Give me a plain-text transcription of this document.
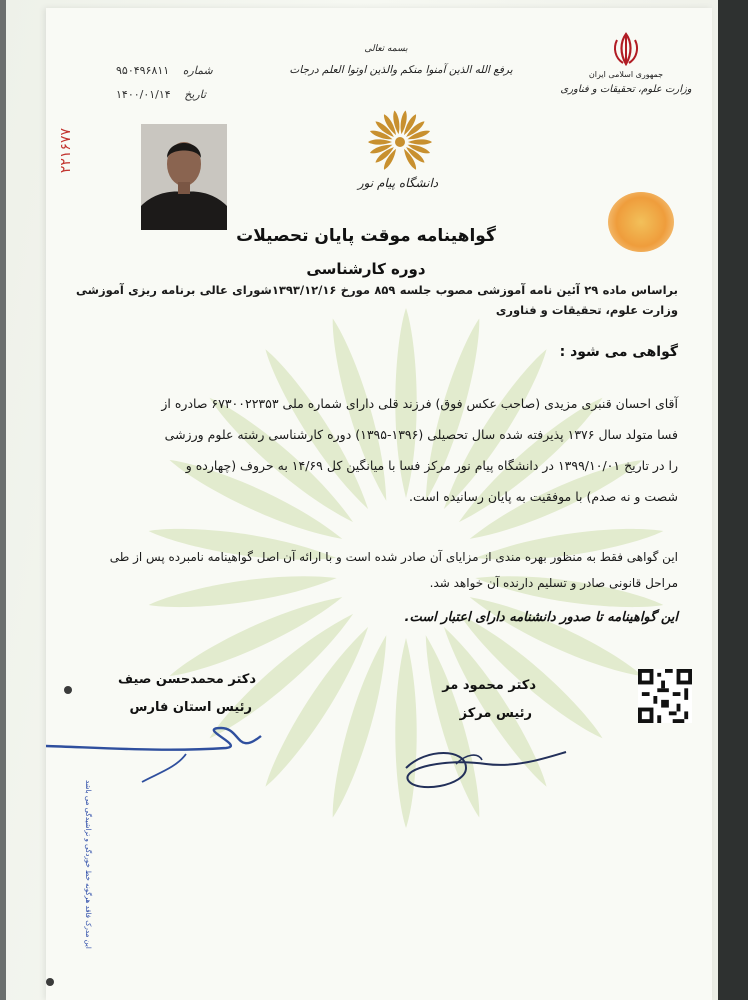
شماره ۹۵۰۴۹۶۸۱۱
تاریخ ۱۴۰۰/۰۱/۱۴
بسمه تعالی
یرفع الله الذین آمنوا منکم والذین اوتوا العلم درجات	جمهوری اسلامی ایران
وزارت علوم، تحقیقات و فناوری
دانشگاه پیام نور
۲۲۱۶۷۷
گواهینامه موقت پایان تحصیلات
دوره کارشناسی
براساس ماده ۲۹ آئین نامه آموزشی مصوب جلسه ۸۵۹ مورخ ۱۳۹۳/۱۲/۱۶شورای عالی برنامه ریزی آموزشی وزارت علوم، تحقیقات و فناوری
گواهی می شود :
آقای احسان قنبری مزیدی (صاحب عکس فوق) فرزند قلی دارای شماره ملی ۶۷۳۰۰۲۲۳۵۳ صادره از
فسا متولد سال ۱۳۷۶ پذیرفته شده سال تحصیلی (۱۳۹۶-۱۳۹۵) دوره کارشناسی رشته علوم ورزشی
را در تاریخ ۱۳۹۹/۱۰/۰۱ در دانشگاه پیام نور مرکز فسا با میانگین کل ۱۴/۶۹ به حروف (چهارده و
شصت و نه صدم) با موفقیت به پایان رسانیده است.
این گواهی فقط به منظور بهره مندی از مزایای آن صادر شده است و با ارائه آن اصل گواهینامه نامبرده پس از طی
مراحل قانونی صادر و تسلیم دارنده آن خواهد شد.
این گواهینامه تا صدور دانشنامه دارای اعتبار است.
دکتر محمدحسن صیف
رئیس استان فارس
دکتر محمود مر
رئیس مرکز
این مدرک فاقد هرگونه خط خوردگی و تراشیدگی می باشد
